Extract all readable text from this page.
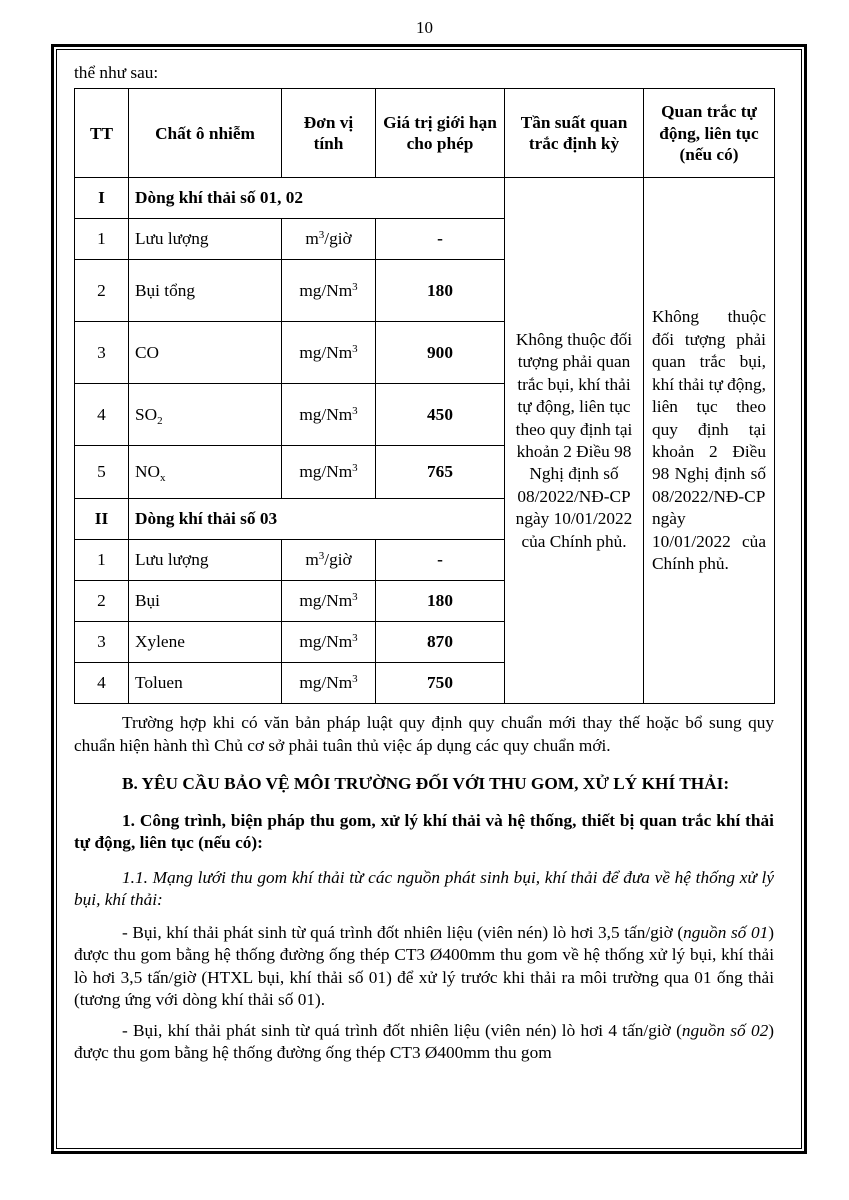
10

thể như sau:

TT	Chất ô nhiễm	Đơn vị tính	Giá trị giới hạn cho phép	Tần suất quan trắc định kỳ	Quan trắc tự động, liên tục (nếu có)
I	Dòng khí thải số 01, 02			Không thuộc đối tượng phải quan trắc bụi, khí thải tự động, liên tục theo quy định tại khoản 2 Điều 98 Nghị định số 08/2022/NĐ-CP ngày 10/01/2022 của Chính phủ.	Không thuộc đối tượng phải quan trắc bụi, khí thải tự động, liên tục theo quy định tại khoản 2 Điều 98 Nghị định số 08/2022/NĐ-CP ngày 10/01/2022 của Chính phủ.
1	Lưu lượng	$m^3$/giờ	-		
2	Bụi tổng	mg/Nm$^3$	180		
3	CO	mg/Nm$^3$	900		
4	$SO_2$	mg/Nm$^3$	450		
5	$NO_x$	mg/Nm$^3$	765		
II	Dòng khí thải số 03				
1	Lưu lượng	$m^3$/giờ	-		
2	Bụi	mg/Nm$^3$	180		
3	Xylene	mg/Nm$^3$	870		
4	Toluen	mg/Nm$^3$	750		

Trường hợp khi có văn bản pháp luật quy định quy chuẩn mới thay thế hoặc bổ sung quy chuẩn hiện hành thì Chủ cơ sở phải tuân thủ việc áp dụng các quy chuẩn mới.

B. YÊU CẦU BẢO VỆ MÔI TRƯỜNG ĐỐI VỚI THU GOM, XỬ LÝ KHÍ THẢI:

1. Công trình, biện pháp thu gom, xử lý khí thải và hệ thống, thiết bị quan trắc khí thải tự động, liên tục (nếu có):

1.1. Mạng lưới thu gom khí thải từ các nguồn phát sinh bụi, khí thải để đưa về hệ thống xử lý bụi, khí thải:

- Bụi, khí thải phát sinh từ quá trình đốt nhiên liệu (viên nén) lò hơi 3,5 tấn/giờ (nguồn số 01) được thu gom bằng hệ thống đường ống thép CT3 Ø400mm thu gom về hệ thống xử lý bụi, khí thải lò hơi 3,5 tấn/giờ (HTXL bụi, khí thải số 01) để xử lý trước khi thải ra môi trường qua 01 ống thải (tương ứng với dòng khí thải số 01).

- Bụi, khí thải phát sinh từ quá trình đốt nhiên liệu (viên nén) lò hơi 4 tấn/giờ (nguồn số 02) được thu gom bằng hệ thống đường ống thép CT3 Ø400mm thu gom
